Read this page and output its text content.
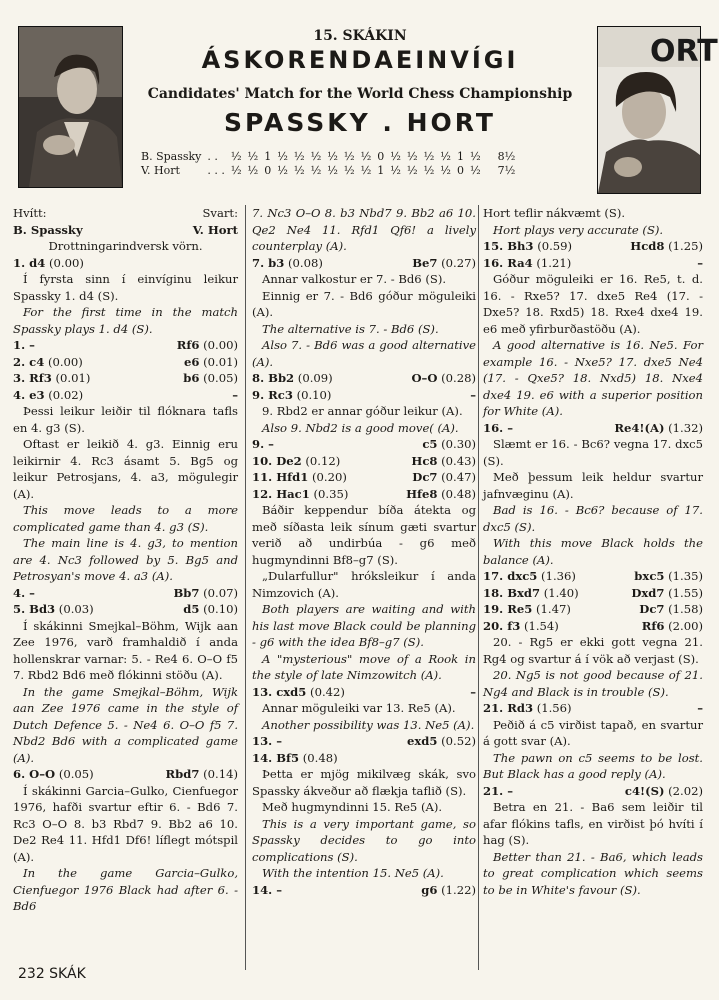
ORT
15. SKÁKIN
ÁSKORENDAEINVÍGI
Candidates' Match for the World Chess Championship
SPASSKY . HORT
B. Spassky	. .	½	½	1	½	½	½	½	½	½	0	½	½	½	½	1	½	8½
V. Hort	. . .	½	½	0	½	½	½	½	½	½	1	½	½	½	½	0	½	7½
Hvítt:	Svart:
B. Spassky	V. Hort
Drottningarindversk vörn.
1. d4 (0.00)

Í fyrsta sinn í einvíginu leikur Spassky 1. d4 (S).

For the first time in the match Spassky plays 1. d4 (S).

1. –	Rf6 (0.00)
2. c4 (0.00)	e6 (0.01)
3. Rf3 (0.01)	b6 (0.05)
4. e3 (0.02)	–

Þessi leikur leiðir til flóknara tafls en 4. g3 (S).

Oftast er leikið 4. g3. Einnig eru leikirnir 4. Rc3 ásamt 5. Bg5 og leikur Petrosjans, 4. a3, mögulegir (A).

This move leads to a more complicated game than 4. g3 (S).

The main line is 4. g3, to mention are 4. Nc3 followed by 5. Bg5 and Petrosyan's move 4. a3 (A).

4. –	Bb7 (0.07)
5. Bd3 (0.03)	d5 (0.10)

Í skákinni Smejkal–Böhm, Wijk aan Zee 1976, varð framhaldið í anda hollenskrar varnar: 5. - Re4 6. O–O f5 7. Rbd2 Bd6 með flókinni stöðu (A).

In the game Smejkal–Böhm, Wijk aan Zee 1976 came in the style of Dutch Defence 5. - Ne4 6. O–O f5 7. Nbd2 Bd6 with a complicated game (A).

6. O–O (0.05)	Rbd7 (0.14)

Í skákinni Garcia–Gulko, Cienfuegor 1976, hafði svartur eftir 6. - Bd6 7. Rc3 O–O 8. b3 Rbd7 9. Bb2 a6 10. De2 Re4 11. Hfd1 Df6! líflegt mótspil (A).

In the game Garcia–Gulko, Cienfuegor 1976 Black had after 6. - Bd6

7. Nc3 O–O 8. b3 Nbd7 9. Bb2 a6 10. Qe2 Ne4 11. Rfd1 Qf6! a lively counterplay (A).

7. b3 (0.08)	Be7 (0.27)

Annar valkostur er 7. - Bd6 (S).

Einnig er 7. - Bd6 góður möguleiki (A).

The alternative is 7. - Bd6 (S).

Also 7. - Bd6 was a good alternative (A).

8. Bb2 (0.09)	O–O (0.28)
9. Rc3 (0.10)	–

9. Rbd2 er annar góður leikur (A).

Also 9. Nbd2 is a good move( (A).

9. –	c5 (0.30)
10. De2 (0.12)	Hc8 (0.43)
11. Hfd1 (0.20)	Dc7 (0.47)
12. Hac1 (0.35)	Hfe8 (0.48)

Báðir keppendur bíða átekta og með síðasta leik sínum gæti svartur verið að undirbúa - g6 með hugmyndinni Bf8–g7 (S).

„Dularfullur" hróksleikur í anda Nimzovich (A).

Both players are waiting and with his last move Black could be planning - g6 with the idea Bf8–g7 (S).

A "mysterious" move of a Rook in the style of late Nimzowitch (A).

13. cxd5 (0.42)	–

Annar möguleiki var 13. Re5 (A).

Another possibility was 13. Ne5 (A).

13. –	exd5 (0.52)
14. Bf5 (0.48)

Þetta er mjög mikilvæg skák, svo Spassky ákveður að flækja taflið (S).

Með hugmyndinni 15. Re5 (A).

This is a very important game, so Spassky decides to go into complications (S).

With the intention 15. Ne5 (A).

14. –	g6 (1.22)

Hort teflir nákvæmt (S).

Hort plays very accurate (S).

15. Bh3 (0.59)	Hcd8 (1.25)
16. Ra4 (1.21)	–

Góður möguleiki er 16. Re5, t. d. 16. - Rxe5? 17. dxe5 Re4 (17. - Dxe5? 18. Rxd5) 18. Rxe4 dxe4 19. e6 með yfirburðastöðu (A).

A good alternative is 16. Ne5. For example 16. - Nxe5? 17. dxe5 Ne4 (17. - Qxe5? 18. Nxd5) 18. Nxe4 dxe4 19. e6 with a superior position for White (A).

16. –	Re4!(A) (1.32)

Slæmt er 16. - Bc6? vegna 17. dxc5 (S).

Með þessum leik heldur svartur jafnvæginu (A).

Bad is 16. - Bc6? because of 17. dxc5 (S).

With this move Black holds the balance (A).

17. dxc5 (1.36)	bxc5 (1.35)
18. Bxd7 (1.40)	Dxd7 (1.55)
19. Re5 (1.47)	Dc7 (1.58)
20. f3 (1.54)	Rf6 (2.00)

20. - Rg5 er ekki gott vegna 21. Rg4 og svartur á í vök að verjast (S).

20. Ng5 is not good because of 21. Ng4 and Black is in trouble (S).

21. Rd3 (1.56)	–

Peðið á c5 virðist tapað, en svartur á gott svar (A).

The pawn on c5 seems to be lost. But Black has a good reply (A).

21. –	c4!(S) (2.02)

Betra en 21. - Ba6 sem leiðir til afar flókins tafls, en virðist þó hvíti í hag (S).

Better than 21. - Ba6, which leads to great complication which seems to be in White's favour (S).

232 SKÁK
